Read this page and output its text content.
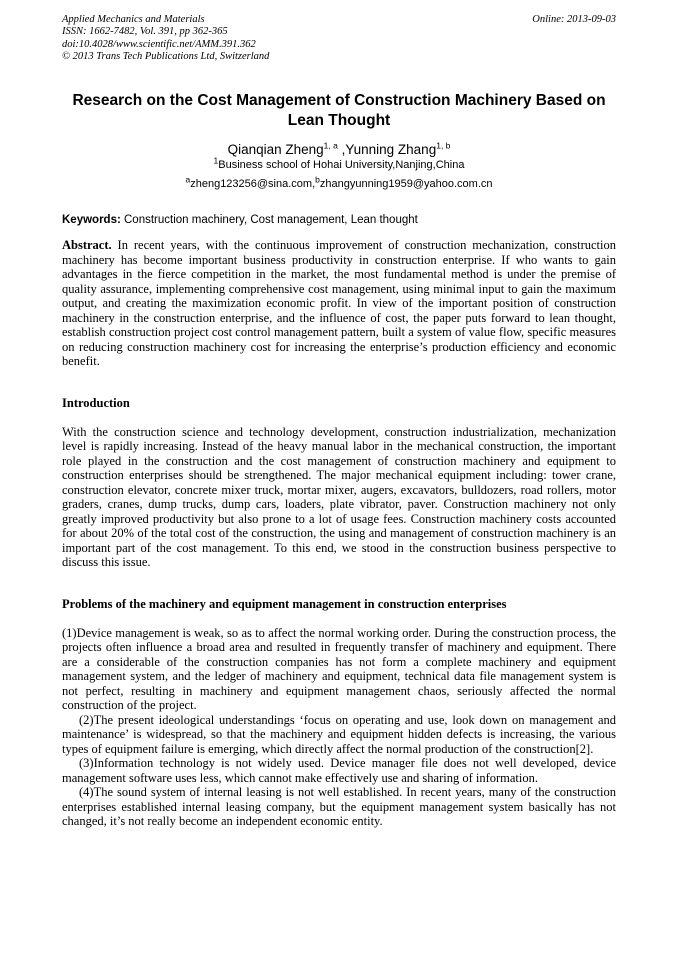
Applied Mechanics and Materials	Online: 2013-09-03
ISSN: 1662-7482, Vol. 391, pp 362-365
doi:10.4028/www.scientific.net/AMM.391.362
© 2013 Trans Tech Publications Ltd, Switzerland
Research on the Cost Management of Construction Machinery Based on Lean Thought
Qianqian Zheng$^{1, a}$ ,Yunning Zhang$^{1, b}$
$^1$Business school of Hohai University,Nanjing,China
$^a$zheng123256@sina.com,$^b$zhangyunning1959@yahoo.com.cn
Keywords: Construction machinery, Cost management, Lean thought

Abstract. In recent years, with the continuous improvement of construction mechanization, construction machinery has become important business productivity in construction enterprise. If who wants to gain advantages in the fierce competition in the market, the most fundamental method is under the premise of quality assurance, implementing comprehensive cost management, using minimal input to gain the maximum output, and creating the maximization economic profit. In view of the important position of construction machinery in the construction enterprise, and the influence of cost, the paper puts forward to lean thought, establish construction project cost control management pattern, built a system of value flow, specific measures on reducing construction machinery cost for increasing the enterprise’s production efficiency and economic benefit.

Introduction

With the construction science and technology development, construction industrialization, mechanization level is rapidly increasing. Instead of the heavy manual labor in the mechanical construction, the important role played in the construction and the cost management of construction machinery and equipment to construction enterprises should be strengthened. The major mechanical equipment including: tower crane, construction elevator, concrete mixer truck, mortar mixer, augers, excavators, bulldozers, road rollers, motor graders, cranes, dump trucks, dump cars, loaders, plate vibrator, paver. Construction machinery not only greatly improved productivity but also prone to a lot of usage fees. Construction machinery costs accounted for about 20% of the total cost of the construction, the using and management of construction machinery is an important part of the cost management. To this end, we stood in the construction business perspective to discuss this issue.

Problems of the machinery and equipment management in construction enterprises

(1)Device management is weak, so as to affect the normal working order. During the construction process, the projects often influence a broad area and resulted in frequently transfer of machinery and equipment. There are a considerable of the construction companies has not form a complete machinery and equipment management system, and the ledger of machinery and equipment, technical data file management system is not perfect, resulting in machinery and equipment management chaos, seriously affected the normal construction of the project.

(2)The present ideological understandings ‘focus on operating and use, look down on management and maintenance’ is widespread, so that the machinery and equipment hidden defects is increasing, the various types of equipment failure is emerging, which directly affect the normal production of the construction[2].

(3)Information technology is not widely used. Device manager file does not well developed, device management software uses less, which cannot make effectively use and sharing of information.

(4)The sound system of internal leasing is not well established. In recent years, many of the construction enterprises established internal leasing company, but the equipment management system basically has not changed, it’s not really become an independent economic entity.
